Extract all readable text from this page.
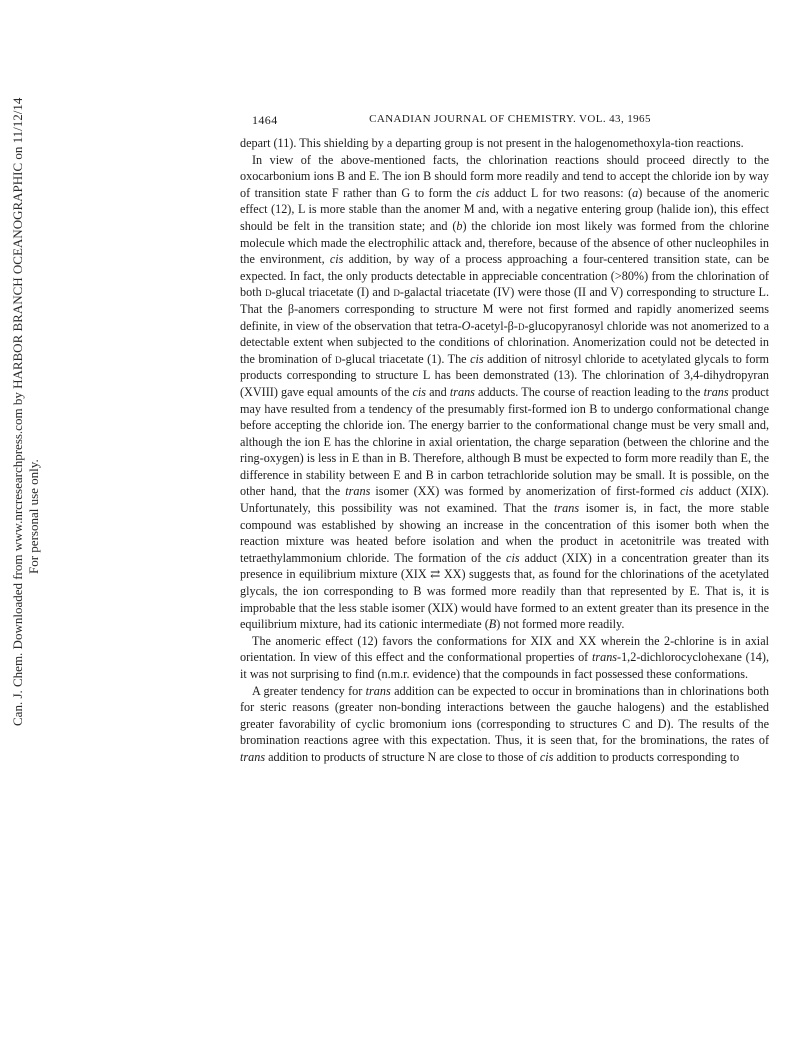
Can. J. Chem. Downloaded from www.nrcresearchpress.com by HARBOR BRANCH OCEANOGRAPHIC on 11/12/14 For personal use only.
1464	CANADIAN JOURNAL OF CHEMISTRY. VOL. 43, 1965

depart (11). This shielding by a departing group is not present in the halogenomethoxyla-tion reactions.

In view of the above-mentioned facts, the chlorination reactions should proceed directly to the oxocarbonium ions B and E. The ion B should form more readily and tend to accept the chloride ion by way of transition state F rather than G to form the cis adduct L for two reasons: (a) because of the anomeric effect (12), L is more stable than the anomer M and, with a negative entering group (halide ion), this effect should be felt in the transition state; and (b) the chloride ion most likely was formed from the chlorine molecule which made the electrophilic attack and, therefore, because of the absence of other nucleophiles in the environment, cis addition, by way of a process approaching a four-centered transition state, can be expected. In fact, the only products detectable in appreciable concentration (>80%) from the chlorination of both d-glucal triacetate (I) and d-galactal triacetate (IV) were those (II and V) corresponding to structure L. That the β-anomers corresponding to structure M were not first formed and rapidly anomerized seems definite, in view of the observation that tetra-O-acetyl-β-d-glucopyranosyl chloride was not anomerized to a detectable extent when subjected to the conditions of chlorination. Anomerization could not be detected in the bromination of d-glucal triacetate (1). The cis addition of nitrosyl chloride to acetylated glycals to form products corresponding to structure L has been demonstrated (13). The chlorination of 3,4-dihydropyran (XVIII) gave equal amounts of the cis and trans adducts. The course of reaction leading to the trans product may have resulted from a tendency of the presumably first-formed ion B to undergo conformational change before accepting the chloride ion. The energy barrier to the conformational change must be very small and, although the ion E has the chlorine in axial orientation, the charge separation (between the chlorine and the ring-oxygen) is less in E than in B. Therefore, although B must be expected to form more readily than E, the difference in stability between E and B in carbon tetrachloride solution may be small. It is possible, on the other hand, that the trans isomer (XX) was formed by anomerization of first-formed cis adduct (XIX). Unfortunately, this possibility was not examined. That the trans isomer is, in fact, the more stable compound was established by showing an increase in the concentration of this isomer both when the reaction mixture was heated before isolation and when the product in acetonitrile was treated with tetraethylammonium chloride. The formation of the cis adduct (XIX) in a concentration greater than its presence in equilibrium mixture (XIX ⇄ XX) suggests that, as found for the chlorinations of the acetylated glycals, the ion corresponding to B was formed more readily than that represented by E. That is, it is improbable that the less stable isomer (XIX) would have formed to an extent greater than its presence in the equilibrium mixture, had its cationic intermediate (B) not formed more readily.

The anomeric effect (12) favors the conformations for XIX and XX wherein the 2-chlorine is in axial orientation. In view of this effect and the conformational properties of trans-1,2-dichlorocyclohexane (14), it was not surprising to find (n.m.r. evidence) that the compounds in fact possessed these conformations.

A greater tendency for trans addition can be expected to occur in brominations than in chlorinations both for steric reasons (greater non-bonding interactions between the gauche halogens) and the established greater favorability of cyclic bromonium ions (corresponding to structures C and D). The results of the bromination reactions agree with this expectation. Thus, it is seen that, for the brominations, the rates of trans addition to products of structure N are close to those of cis addition to products corresponding to
